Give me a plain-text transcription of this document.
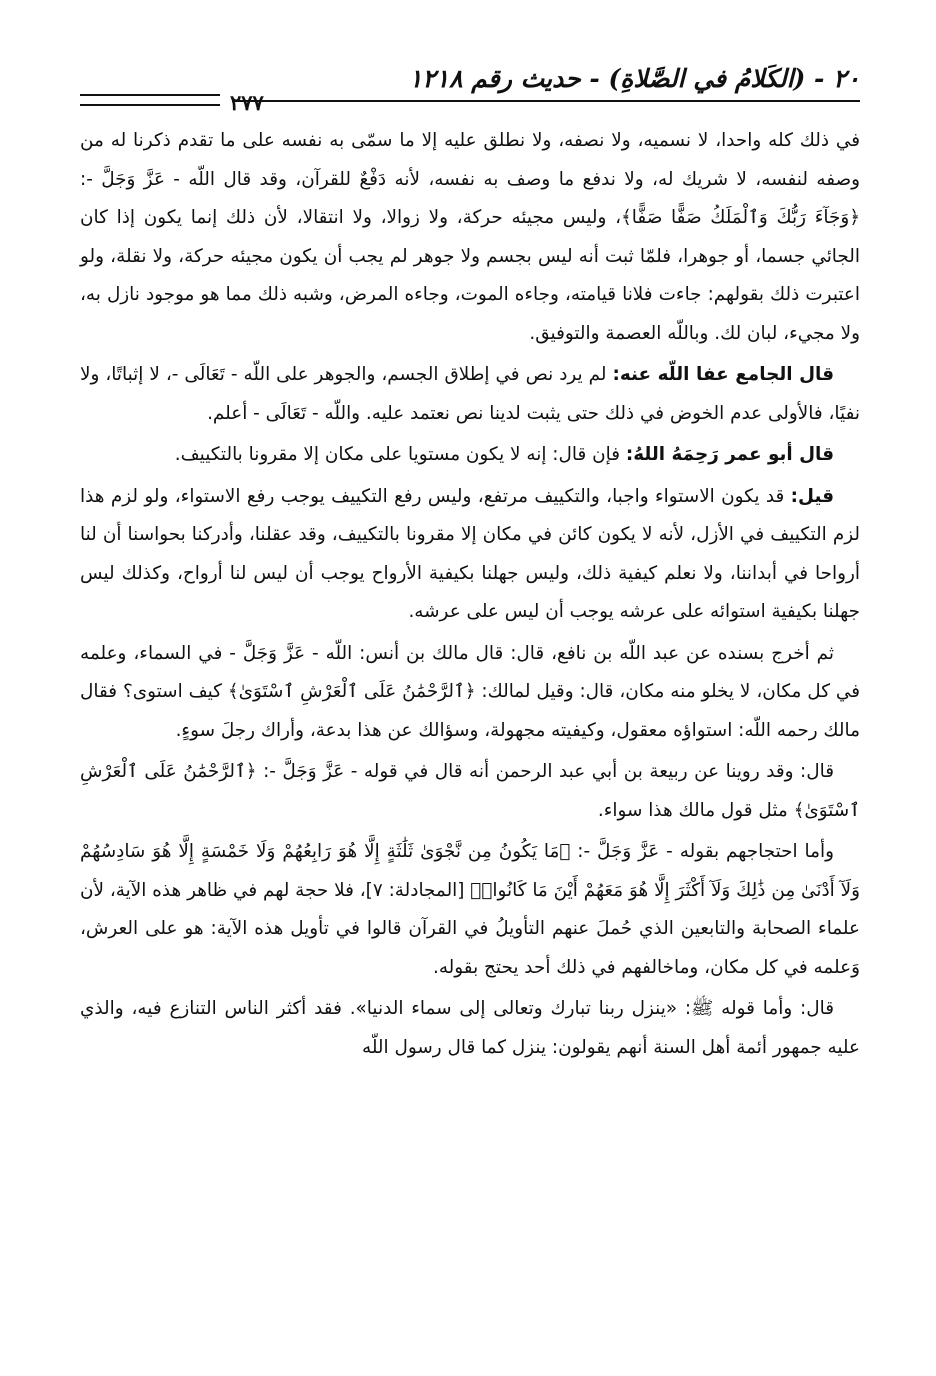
٢٠ - (الكَلامُ في الصَّلاةِ) - حديث رقم ١٢١٨
٢٧٧

في ذلك كله واحدا، لا نسميه، ولا نصفه، ولا نطلق عليه إلا ما سمّى به نفسه على ما تقدم ذكرنا له من وصفه لنفسه، لا شريك له، ولا ندفع ما وصف به نفسه، لأنه دَفْعٌ للقرآن، وقد قال اللّه - عَزَّ وَجَلَّ -: ﴿وَجَآءَ رَبُّكَ وَٱلْمَلَكُ صَفًّا صَفًّا﴾، وليس مجيئه حركة، ولا زوالا، ولا انتقالا، لأن ذلك إنما يكون إذا كان الجائي جسما، أو جوهرا، فلمّا ثبت أنه ليس بجسم ولا جوهر لم يجب أن يكون مجيئه حركة، ولا نقلة، ولو اعتبرت ذلك بقولهم: جاءت فلانا قيامته، وجاءه الموت، وجاءه المرض، وشبه ذلك مما هو موجود نازل به، ولا مجيء، لبان لك. وباللّه العصمة والتوفيق.

قال الجامع عفا اللّه عنه: لم يرد نص في إطلاق الجسم، والجوهر على اللّه - تَعَالَى -، لا إثباتًا، ولا نفيًا، فالأولى عدم الخوض في ذلك حتى يثبت لدينا نص نعتمد عليه. واللّه - تَعَالَى - أعلم.

قال أبو عمر رَحِمَهُ اللهُ: فإن قال: إنه لا يكون مستويا على مكان إلا مقرونا بالتكييف.

قيل: قد يكون الاستواء واجبا، والتكييف مرتفع، وليس رفع التكييف يوجب رفع الاستواء، ولو لزم هذا لزم التكييف في الأزل، لأنه لا يكون كائن في مكان إلا مقرونا بالتكييف، وقد عقلنا، وأدركنا بحواسنا أن لنا أرواحا في أبداننا، ولا نعلم كيفية ذلك، وليس جهلنا بكيفية الأرواح يوجب أن ليس لنا أرواح، وكذلك ليس جهلنا بكيفية استوائه على عرشه يوجب أن ليس على عرشه.

ثم أخرج بسنده عن عبد اللّه بن نافع، قال: قال مالك بن أنس: اللّه - عَزَّ وَجَلَّ - في السماء، وعلمه في كل مكان، لا يخلو منه مكان، قال: وقيل لمالك: ﴿ٱلرَّحْمَٰنُ عَلَى ٱلْعَرْشِ ٱسْتَوَىٰ﴾ كيف استوى؟ فقال مالك رحمه اللّه: استواؤه معقول، وكيفيته مجهولة، وسؤالك عن هذا بدعة، وأراك رجلَ سوءٍ.

قال: وقد روينا عن ربيعة بن أبي عبد الرحمن أنه قال في قوله - عَزَّ وَجَلَّ -: ﴿ٱلرَّحْمَٰنُ عَلَى ٱلْعَرْشِ ٱسْتَوَىٰ﴾ مثل قول مالك هذا سواء.

وأما احتجاجهم بقوله - عَزَّ وَجَلَّ -: ﴿مَا يَكُونُ مِن نَّجْوَىٰ ثَلَٰثَةٍ إِلَّا هُوَ رَابِعُهُمْ وَلَا خَمْسَةٍ إِلَّا هُوَ سَادِسُهُمْ وَلَآ أَدْنَىٰ مِن ذَٰلِكَ وَلَآ أَكْثَرَ إِلَّا هُوَ مَعَهُمْ أَيْنَ مَا كَانُوا۟﴾ [المجادلة: ٧]، فلا حجة لهم في ظاهر هذه الآية، لأن علماء الصحابة والتابعين الذي حُملَ عنهم التأويلُ في القرآن قالوا في تأويل هذه الآية: هو على العرش، وَعلمه في كل مكان، وماخالفهم في ذلك أحد يحتج بقوله.

قال: وأما قوله ﷺ: «ينزل ربنا تبارك وتعالى إلى سماء الدنيا». فقد أكثر الناس التنازع فيه، والذي عليه جمهور أئمة أهل السنة أنهم يقولون: ينزل كما قال رسول اللّه
